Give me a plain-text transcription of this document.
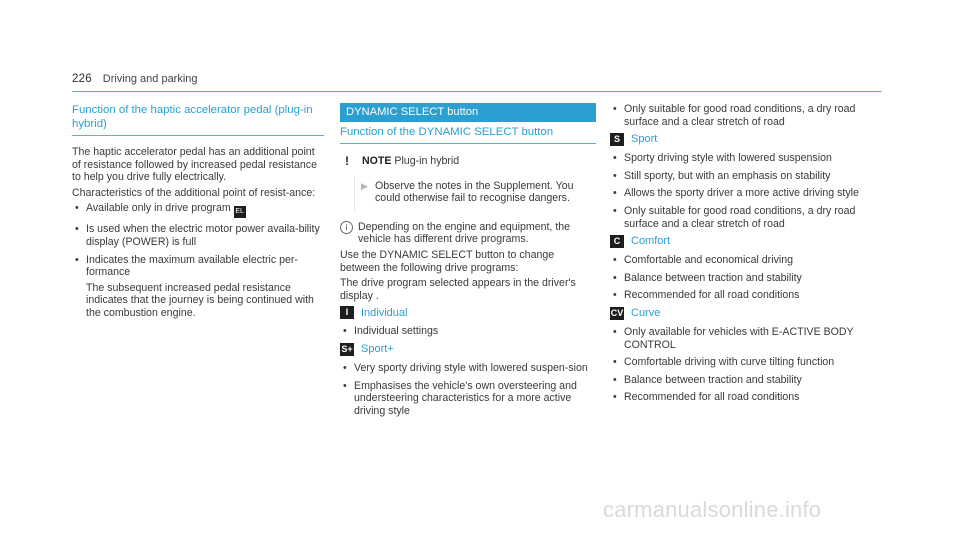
226 Driving and parking
Function of the haptic accelerator pedal (plug-in hybrid)

The haptic accelerator pedal has an additional point of resistance followed by increased pedal resistance to help you drive fully electrically.

Characteristics of the additional point of resist-ance:

• Available only in drive program EL
• Is used when the electric motor power availa-bility display (POWER) is full
• Indicates the maximum available electric per-formance

The subsequent increased pedal resistance indicates that the journey is being continued with the combustion engine.

DYNAMIC SELECT button
Function of the DYNAMIC SELECT button
!	NOTE Plug-in hybrid
▶ Observe the notes in the Supplement. You could otherwise fail to recognise dangers.
i	Depending on the engine and equipment, the vehicle has different drive programs.

Use the DYNAMIC SELECT button to change between the following drive programs:

The drive program selected appears in the driver's display .

I	Individual
• Individual settings
S+ Sport+
• Very sporty driving style with lowered suspen-sion
• Emphasises the vehicle's own oversteering and understeering characteristics for a more active driving style
• Only suitable for good road conditions, a dry road surface and a clear stretch of road
S	Sport
• Sporty driving style with lowered suspension
• Still sporty, but with an emphasis on stability
• Allows the sporty driver a more active driving style
• Only suitable for good road conditions, a dry road surface and a clear stretch of road
C Comfort
• Comfortable and economical driving
• Balance between traction and stability
• Recommended for all road conditions
CV Curve
• Only available for vehicles with E-ACTIVE BODY CONTROL
• Comfortable driving with curve tilting function
• Balance between traction and stability
• Recommended for all road conditions
carmanualsonline.info
